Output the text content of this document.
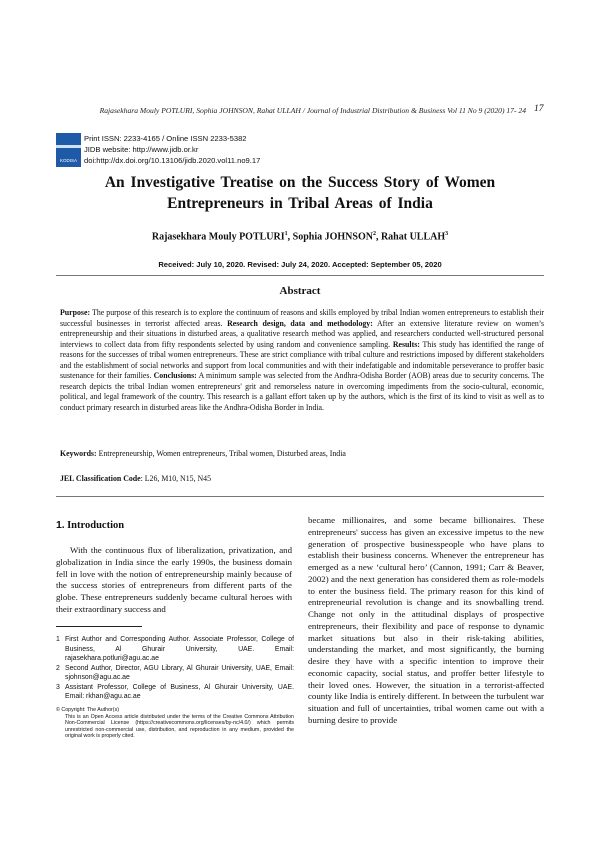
Rajasekhara Mouly POTLURI, Sophia JOHNSON, Rahat ULLAH / Journal of Industrial Distribution & Business Vol 11 No 9 (2020) 17- 24 17
KODISA
Print ISSN: 2233-4165 / Online ISSN 2233-5382
JIDB website: http://www.jidb.or.kr
doi:http://dx.doi.org/10.13106/jidb.2020.vol11.no9.17
An Investigative Treatise on the Success Story of Women
Entrepreneurs in Tribal Areas of India
Rajasekhara Mouly POTLURI$^1$, Sophia JOHNSON$^2$, Rahat ULLAH$^3$
Received: July 10, 2020. Revised: July 24, 2020. Accepted: September 05, 2020
Abstract
Purpose: The purpose of this research is to explore the continuum of reasons and skills employed by tribal Indian women entrepreneurs to establish their successful businesses in terrorist affected areas. Research design, data and methodology: After an extensive literature review on women’s entrepreneurship and their situations in disturbed areas, a qualitative research method was applied, and researchers conducted well-structured personal interviews to collect data from fifty respondents selected by using random and convenience sampling. Results: This study has identified the range of reasons for the successes of tribal women entrepreneurs. These are strict compliance with tribal culture and restrictions imposed by different stakeholders and the establishment of social networks and support from local communities and with their indefatigable and indomitable perseverance to proffer basic sustenance for their families. Conclusions: A minimum sample was selected from the Andhra-Odisha Border (AOB) areas due to security concerns. The research depicts the tribal Indian women entrepreneurs' grit and remorseless nature in overcoming impediments from the socio-cultural, economic, political, and legal framework of the country. This research is a gallant effort taken up by the authors, which is the first of its kind to visit as well as to conduct primary research in disturbed areas like the Andhra-Odisha Border in India.
Keywords: Entrepreneurship, Women entrepreneurs, Tribal women, Disturbed areas, India
JEL Classification Code: L26, M10, N15, N45
1. Introduction
With the continuous flux of liberalization, privatization, and globalization in India since the early 1990s, the business domain fell in love with the notion of entrepreneurship mainly because of the success stories of entrepreneurs from different parts of the globe. These entrepreneurs suddenly became cultural heroes with their extraordinary success and
became millionaires, and some became billionaires. These entrepreneurs' success has given an excessive impetus to the new generation of prospective businesspeople who have plans to establish their business concerns. Whenever the entrepreneur has emerged as a new ‘cultural hero’ (Cannon, 1991; Carr & Beaver, 2002) and the next generation has considered them as role-models to enter the business field. The primary reason for this kind of entrepreneurial revolution is change and its snowballing trend. Change not only in the attitudinal displays of prospective entrepreneurs, their flexibility and pace of response to dynamic market situations but also in their risk-taking abilities, understanding the market, and most significantly, the burning desire they have with a specific intention to improve their economic capacity, social status, and proffer better lifestyle to their loved ones. However, the situation in a terrorist-affected county like India is entirely different. In between the turbulent war situation and full of uncertainties, tribal women came out with a burning desire to provide
1 First Author and Corresponding Author. Associate Professor, College of Business, Al Ghurair University, UAE. Email: rajasekhara.potluri@agu.ac.ae
2 Second Author, Director, AGU Library, Al Ghurair University, UAE, Email: sjohnson@agu.ac.ae
3 Assistant Professor, College of Business, Al Ghurair University, UAE. Email: rkhan@agu.ac.ae
© Copyright: The Author(s)
This is an Open Access article distributed under the terms of the Creative Commons Attribution Non-Commercial License (https://creativecommons.org/licenses/by-nc/4.0/) which permits unrestricted non-commercial use, distribution, and reproduction in any medium, provided the original work is properly cited.
